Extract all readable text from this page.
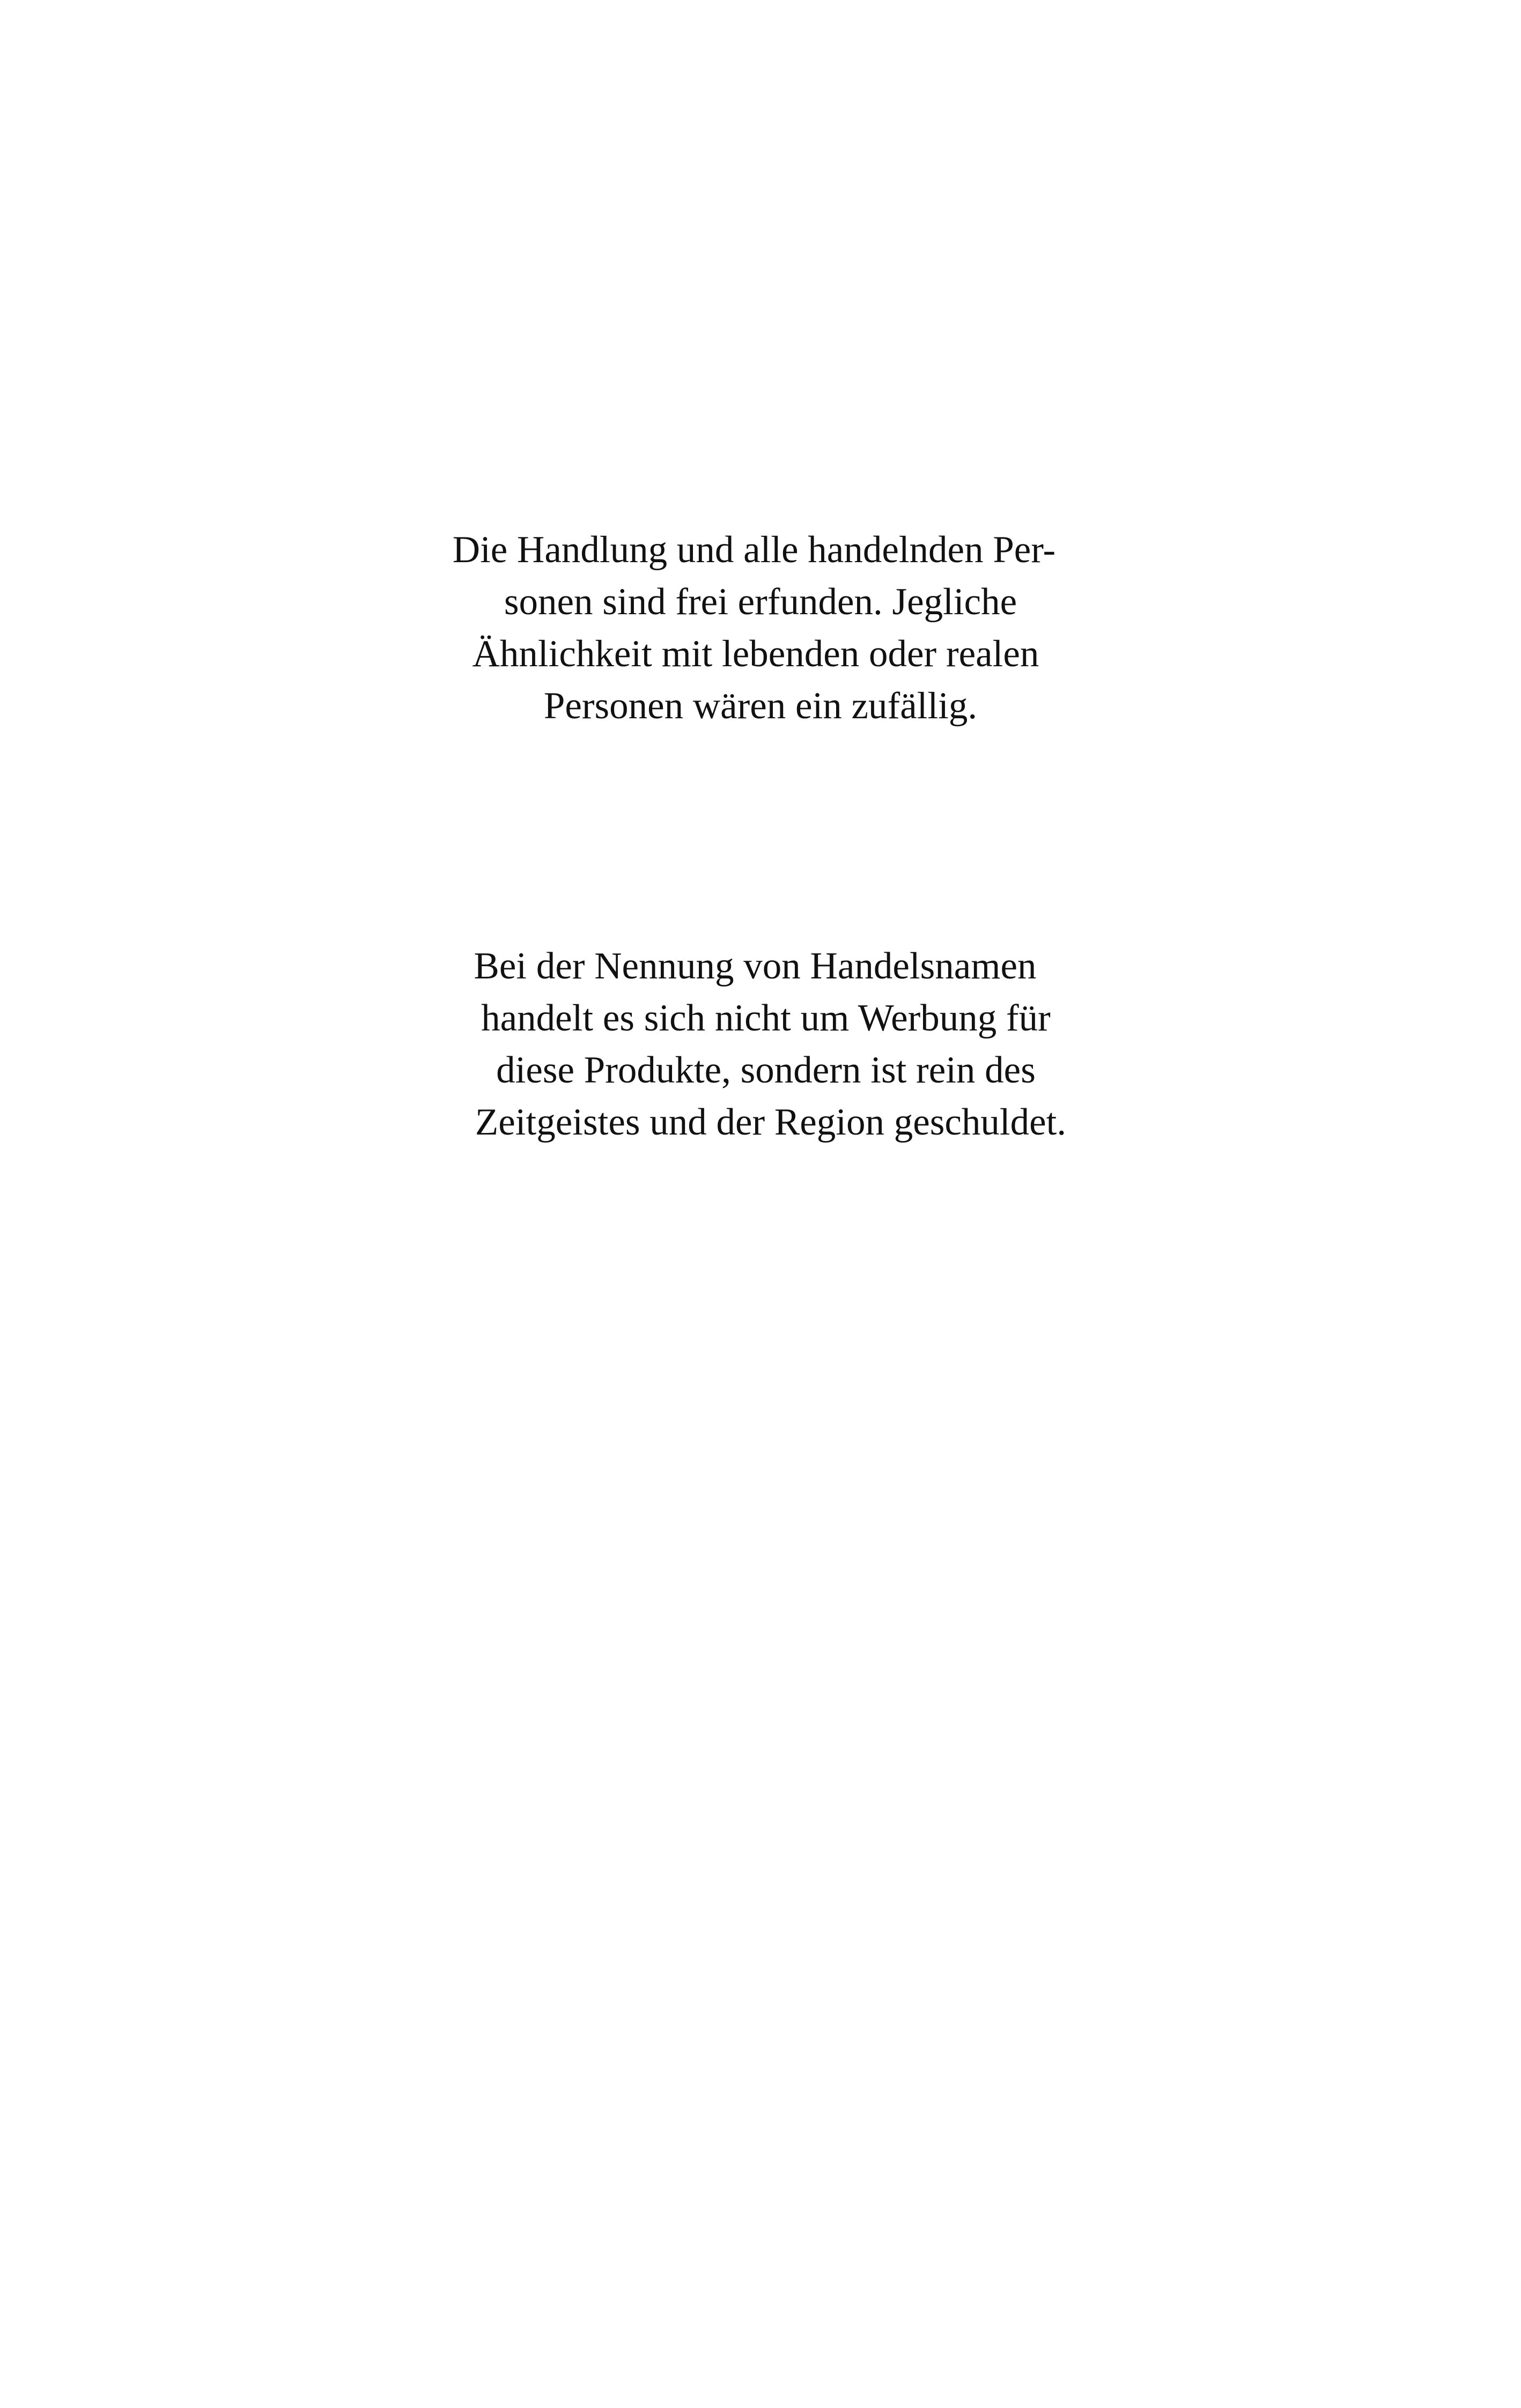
Die Handlung und alle handelnden Per-
sonen sind frei erfunden. Jegliche
Ähnlichkeit mit lebenden oder realen
Personen wären ein zufällig.

Bei der Nennung von Handelsnamen
handelt es sich nicht um Werbung für
diese Produkte, sondern ist rein des
Zeitgeistes und der Region geschuldet.
